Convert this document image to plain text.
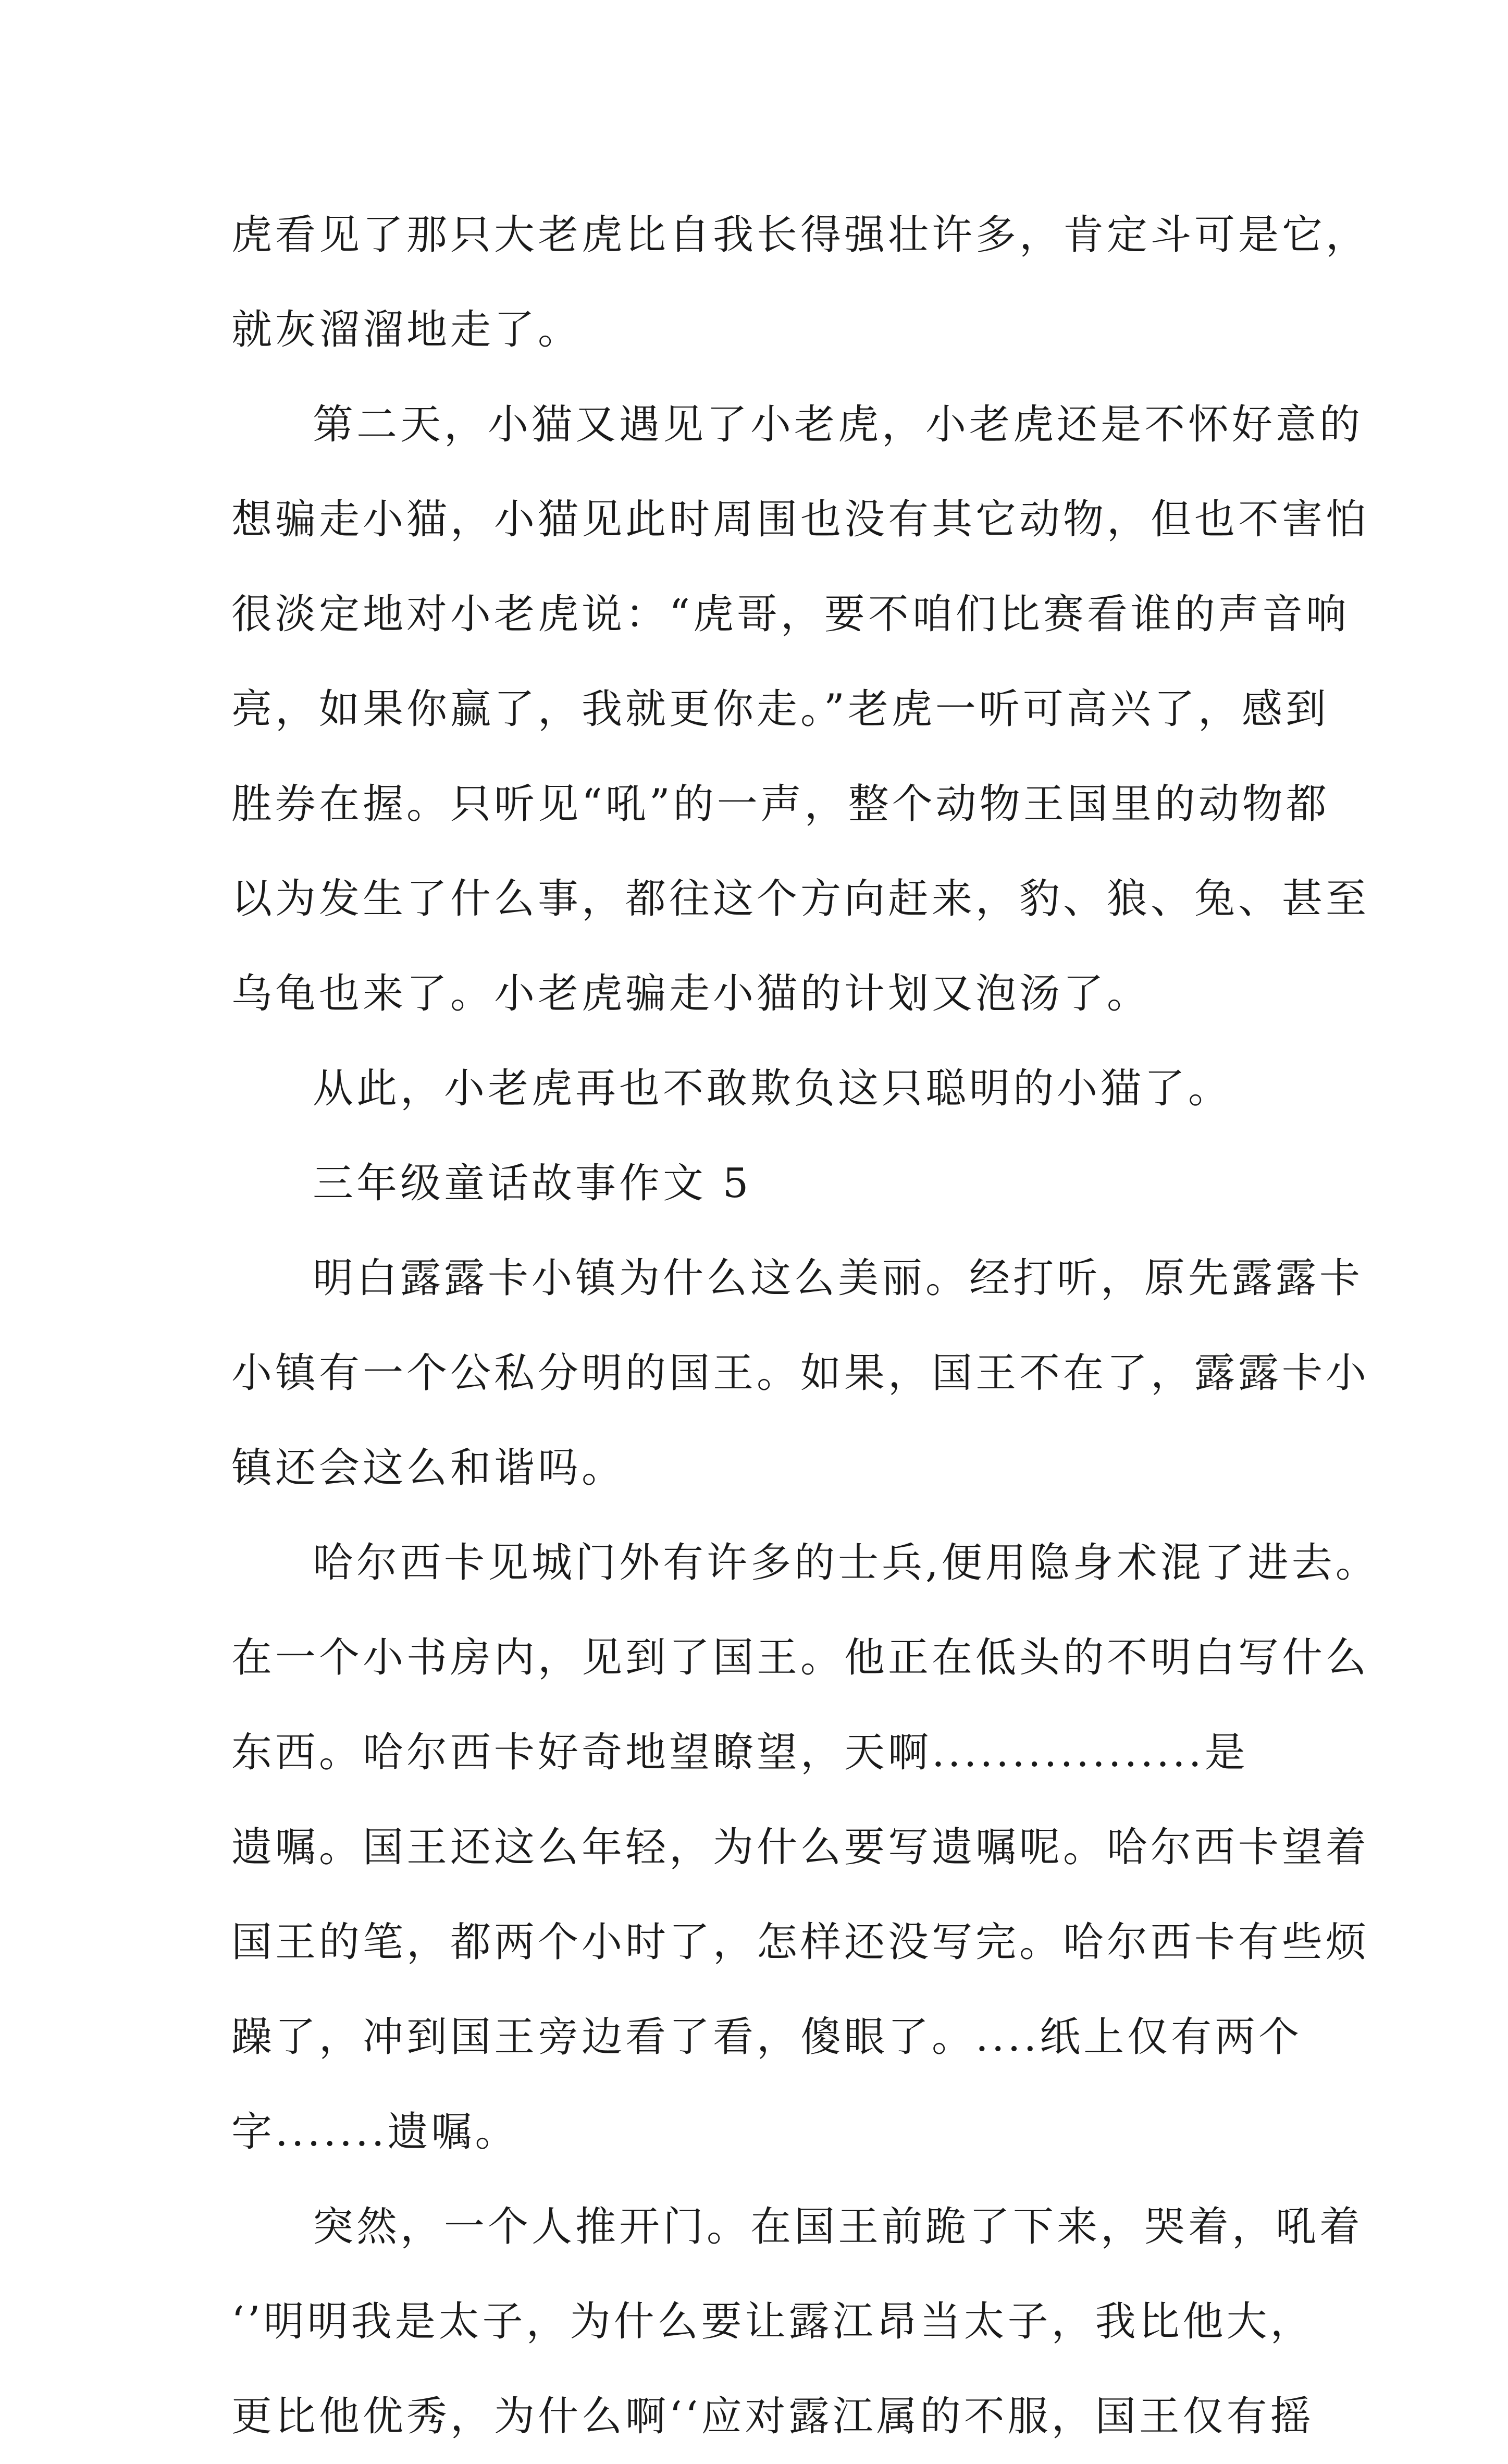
虎看见了那只大老虎比自我长得强壮许多，肯定斗可是它，
就灰溜溜地走了。
第二天，小猫又遇见了小老虎，小老虎还是不怀好意的
想骗走小猫，小猫见此时周围也没有其它动物，但也不害怕
很淡定地对小老虎说：“虎哥，要不咱们比赛看谁的声音响
亮，如果你赢了，我就更你走。”老虎一听可高兴了，感到
胜券在握。只听见“吼”的一声，整个动物王国里的动物都
以为发生了什么事，都往这个方向赶来，豹、狼、兔、甚至
乌龟也来了。小老虎骗走小猫的计划又泡汤了。
从此，小老虎再也不敢欺负这只聪明的小猫了。
三年级童话故事作文 5
明白露露卡小镇为什么这么美丽。经打听，原先露露卡
小镇有一个公私分明的国王。如果，国王不在了，露露卡小
镇还会这么和谐吗。
哈尔西卡见城门外有许多的士兵,便用隐身术混了进去。
在一个小书房内，见到了国王。他正在低头的不明白写什么
东西。哈尔西卡好奇地望瞭望，天啊.................是
遗嘱。国王还这么年轻，为什么要写遗嘱呢。哈尔西卡望着
国王的笔，都两个小时了，怎样还没写完。哈尔西卡有些烦
躁了，冲到国王旁边看了看，傻眼了。....纸上仅有两个
字.......遗嘱。
突然，一个人推开门。在国王前跪了下来，哭着，吼着
‘’明明我是太子，为什么要让露江昂当太子，我比他大，
更比他优秀，为什么啊‘‘应对露江属的不服，国王仅有摇
